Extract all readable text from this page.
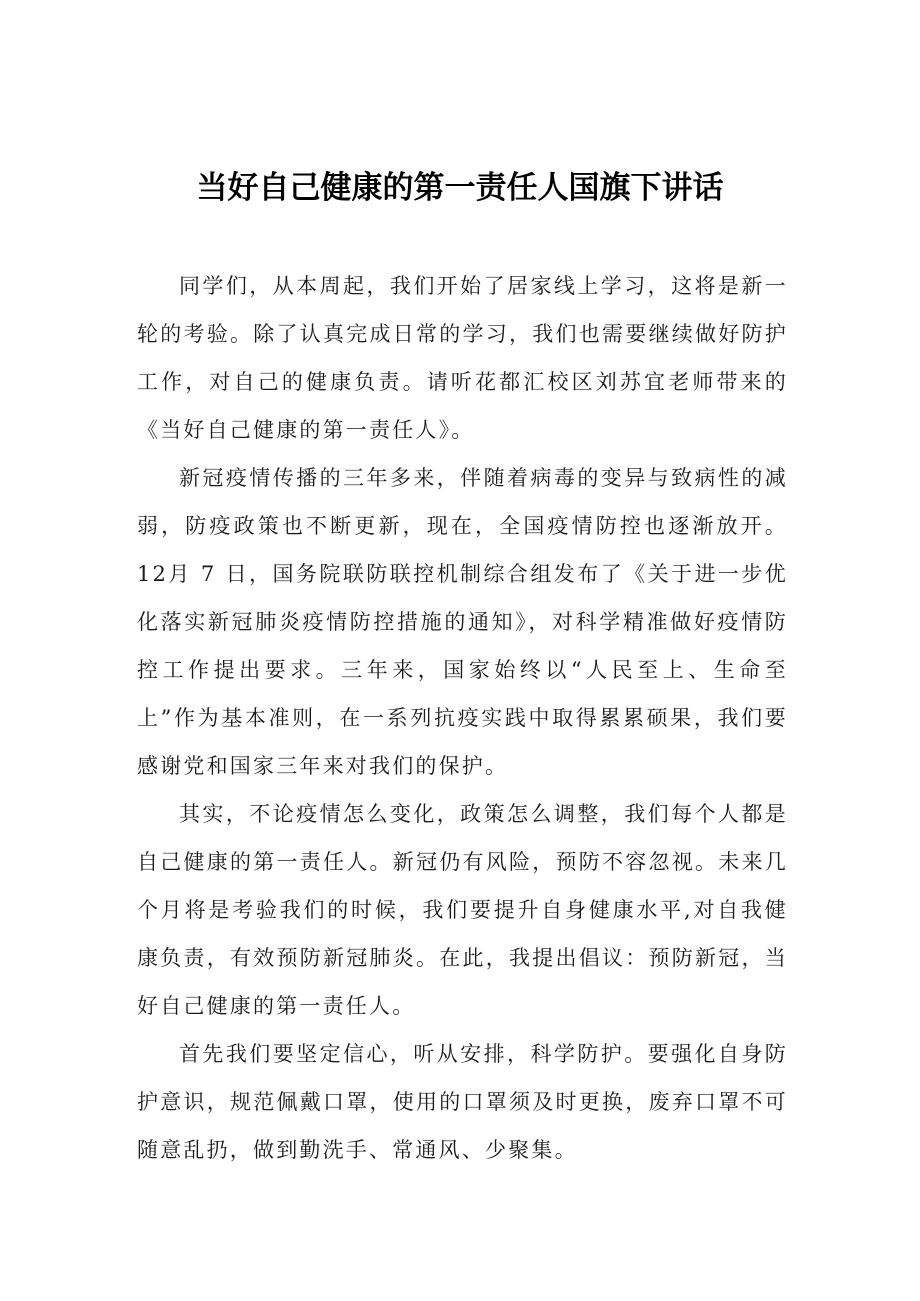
当好自己健康的第一责任人国旗下讲话

同学们，从本周起，我们开始了居家线上学习，这将是新一轮的考验。除了认真完成日常的学习，我们也需要继续做好防护工作，对自己的健康负责。请听花都汇校区刘苏宜老师带来的《当好自己健康的第一责任人》。

新冠疫情传播的三年多来，伴随着病毒的变异与致病性的减弱，防疫政策也不断更新，现在，全国疫情防控也逐渐放开。12月 7 日，国务院联防联控机制综合组发布了《关于进一步优化落实新冠肺炎疫情防控措施的通知》，对科学精准做好疫情防控工作提出要求。三年来，国家始终以“人民至上、生命至上”作为基本准则，在一系列抗疫实践中取得累累硕果，我们要感谢党和国家三年来对我们的保护。

其实，不论疫情怎么变化，政策怎么调整，我们每个人都是自己健康的第一责任人。新冠仍有风险，预防不容忽视。未来几个月将是考验我们的时候，我们要提升自身健康水平,对自我健康负责，有效预防新冠肺炎。在此，我提出倡议：预防新冠，当好自己健康的第一责任人。

首先我们要坚定信心，听从安排，科学防护。要强化自身防护意识，规范佩戴口罩，使用的口罩须及时更换，废弃口罩不可随意乱扔，做到勤洗手、常通风、少聚集。
